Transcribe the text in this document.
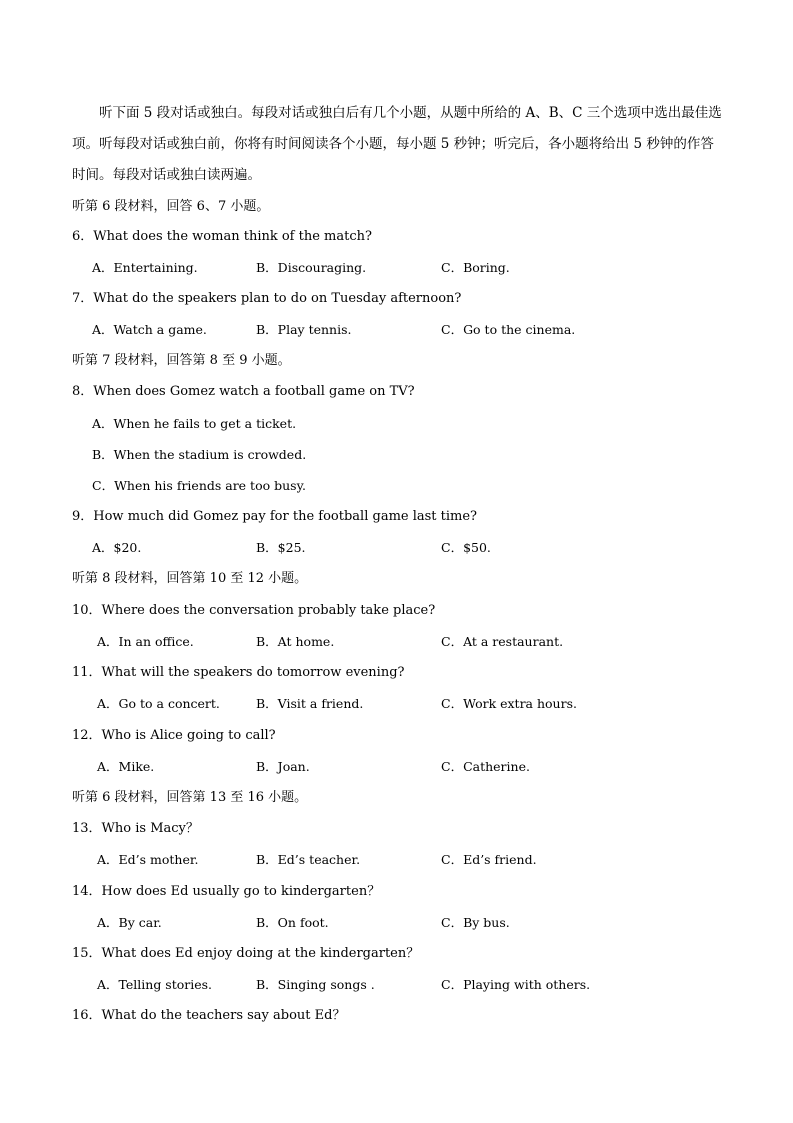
听下面 5 段对话或独白。每段对话或独白后有几个小题，从题中所给的 A、B、C 三个选项中选出最佳选项。听每段对话或独白前，你将有时间阅读各个小题，每小题 5 秒钟；听完后，各小题将给出 5 秒钟的作答时间。每段对话或独白读两遍。

听第 6 段材料，回答 6、7 小题。
6．What does the woman think of the match?
A．Entertaining.	B．Discouraging.	C．Boring.
7．What do the speakers plan to do on Tuesday afternoon?
A．Watch a game.	B．Play tennis.	C．Go to the cinema.
听第 7 段材料，回答第 8 至 9 小题。
8．When does Gomez watch a football game on TV?
A．When he fails to get a ticket.
B．When the stadium is crowded.
C．When his friends are too busy.
9．How much did Gomez pay for the football game last time?
A．$20.	B．$25.	C．$50.
听第 8 段材料，回答第 10 至 12 小题。
10．Where does the conversation probably take place?
A．In an office.	B．At home.	C．At a restaurant.
11．What will the speakers do tomorrow evening?
A．Go to a concert.	B．Visit a friend.	C．Work extra hours.
12．Who is Alice going to call?
A．Mike.	B．Joan.	C．Catherine.
听第 6 段材料，回答第 13 至 16 小题。
13．Who is Macy？
A．Ed’s mother.	B．Ed’s teacher.	C．Ed’s friend.
14．How does Ed usually go to kindergarten？
A．By car.	B．On foot.	C．By bus.
15．What does Ed enjoy doing at the kindergarten？
A．Telling stories.	B．Singing songs .	C．Playing with others.
16．What do the teachers say about Ed？
